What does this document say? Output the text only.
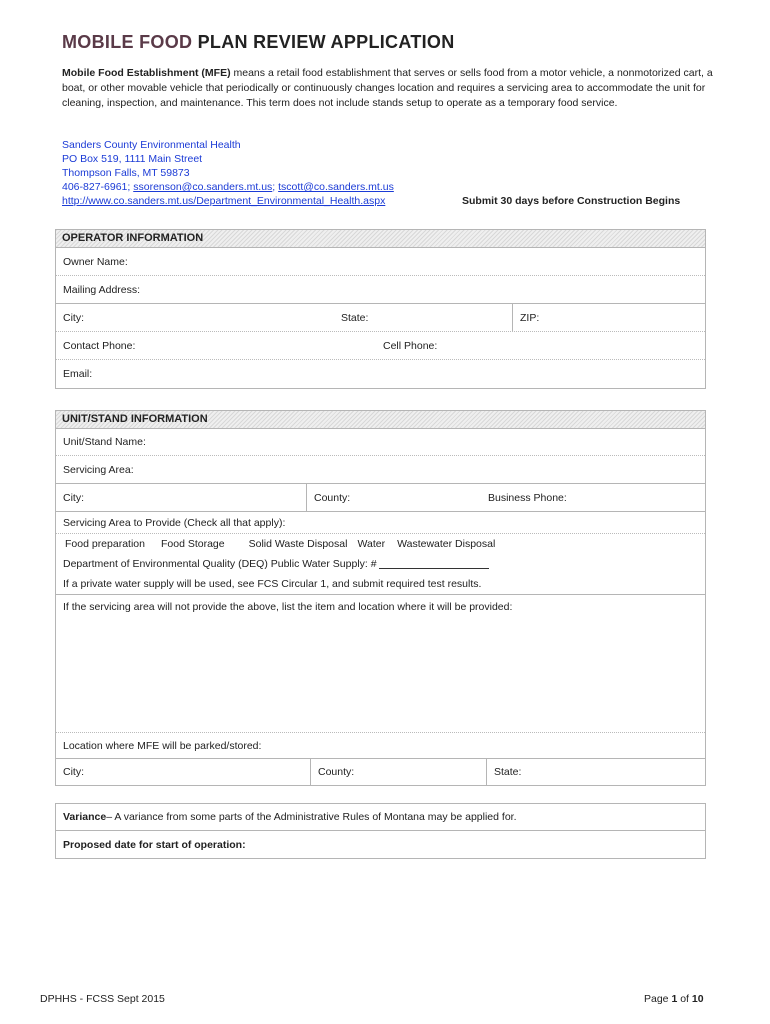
MOBILE FOOD PLAN REVIEW APPLICATION

Mobile Food Establishment (MFE) means a retail food establishment that serves or sells food from a motor vehicle, a nonmotorized cart, a boat, or other movable vehicle that periodically or continuously changes location and requires a servicing area to accommodate the unit for cleaning, inspection, and maintenance. This term does not include stands setup to operate as a temporary food service.

Sanders County Environmental Health
PO Box 519, 1111 Main Street
Thompson Falls, MT 59873
406-827-6961; ssorenson@co.sanders.mt.us; tscott@co.sanders.mt.us
http://www.co.sanders.mt.us/Department_Environmental_Health.aspx	Submit 30 days before Construction Begins
OPERATOR INFORMATION
Owner Name:
Mailing Address:
City:	State:	ZIP:
Contact Phone:	Cell Phone:
Email:
UNIT/STAND INFORMATION
Unit/Stand Name:
Servicing Area:
City:	County:	Business Phone:
Servicing Area to Provide (Check all that apply):
Food preparation Food Storage Solid Waste Disposal Water Wastewater Disposal
Department of Environmental Quality (DEQ) Public Water Supply: #
If a private water supply will be used, see FCS Circular 1, and submit required test results.
If the servicing area will not provide the above, list the item and location where it will be provided:
Location where MFE will be parked/stored:
City:	County:	State:
Variance – A variance from some parts of the Administrative Rules of Montana may be applied for.
Proposed date for start of operation:
DPHHS - FCSS Sept 2015	Page 1 of 10
